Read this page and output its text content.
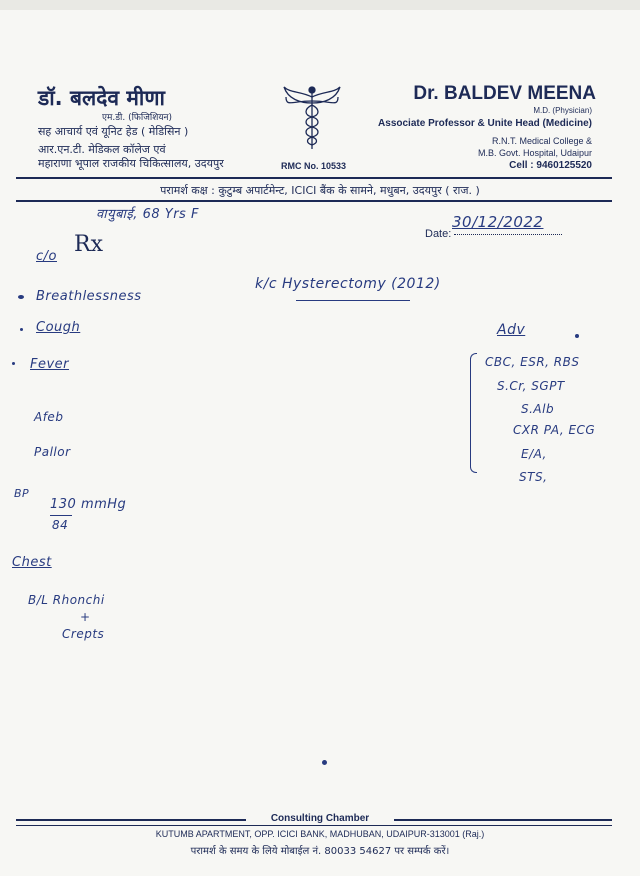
डॉ. बलदेव मीणा
एम.डी. (फिजिशियन)
सह आचार्य एवं यूनिट हेड ( मेडिसिन )
आर.एन.टी. मेडिकल कॉलेज एवं
महाराणा भूपाल राजकीय चिकित्सालय, उदयपुर	RMC No. 10533
Dr. BALDEV MEENA
M.D. (Physician)
Associate Professor & Unite Head (Medicine)
R.N.T. Medical College &
M.B. Govt. Hospital, Udaipur
Cell : 9460125520
परामर्श कक्ष : कुटुम्ब अपार्टमेन्ट, ICICI बैंक के सामने, मधुबन, उदयपुर ( राज. )
Date:
Rx
वायुबाई, 68 Yrs F	30/12/2022
c/o
Breathlessness
Cough
Fever
k/c Hysterectomy (2012)
Adv
CBC, ESR, RBS
S.Cr, SGPT
S.Alb
CXR PA, ECG
E/A,
STS,
Afeb
Pallor
BP
130 mmHg
84
Chest
B/L Rhonchi
+
Crepts
Consulting Chamber
KUTUMB APARTMENT, OPP. ICICI BANK, MADHUBAN, UDAIPUR-313001 (Raj.)
परामर्श के समय के लिये मोबाईल नं. 80033 54627 पर सम्पर्क करें।
